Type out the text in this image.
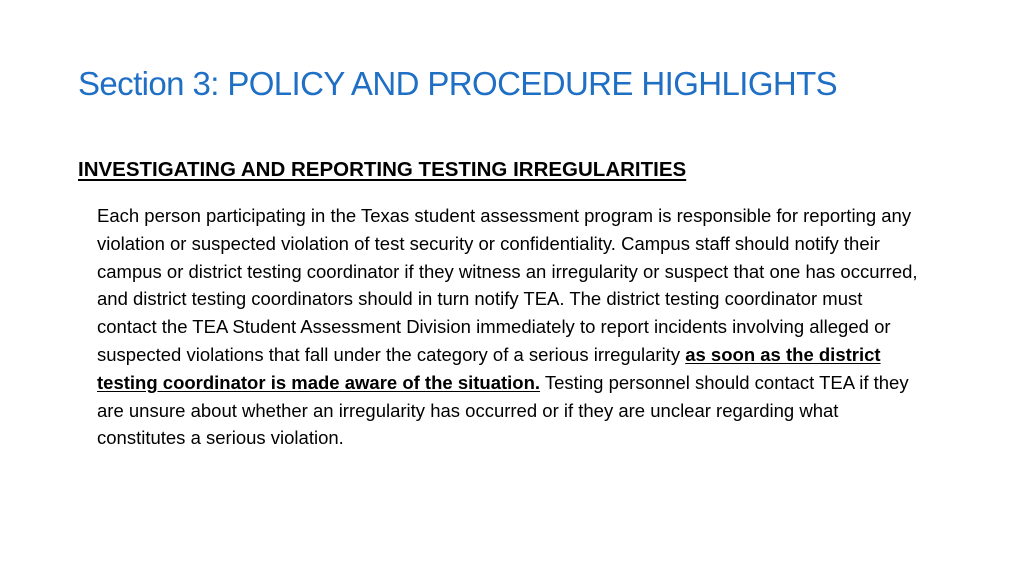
Section 3: POLICY AND PROCEDURE HIGHLIGHTS
INVESTIGATING AND REPORTING TESTING IRREGULARITIES

Each person participating in the Texas student assessment program is responsible for reporting any violation or suspected violation of test security or confidentiality. Campus staff should notify their campus or district testing coordinator if they witness an irregularity or suspect that one has occurred, and district testing coordinators should in turn notify TEA. The district testing coordinator must contact the TEA Student Assessment Division immediately to report incidents involving alleged or suspected violations that fall under the category of a serious irregularity as soon as the district testing coordinator is made aware of the situation. Testing personnel should contact TEA if they are unsure about whether an irregularity has occurred or if they are unclear regarding what constitutes a serious violation.
